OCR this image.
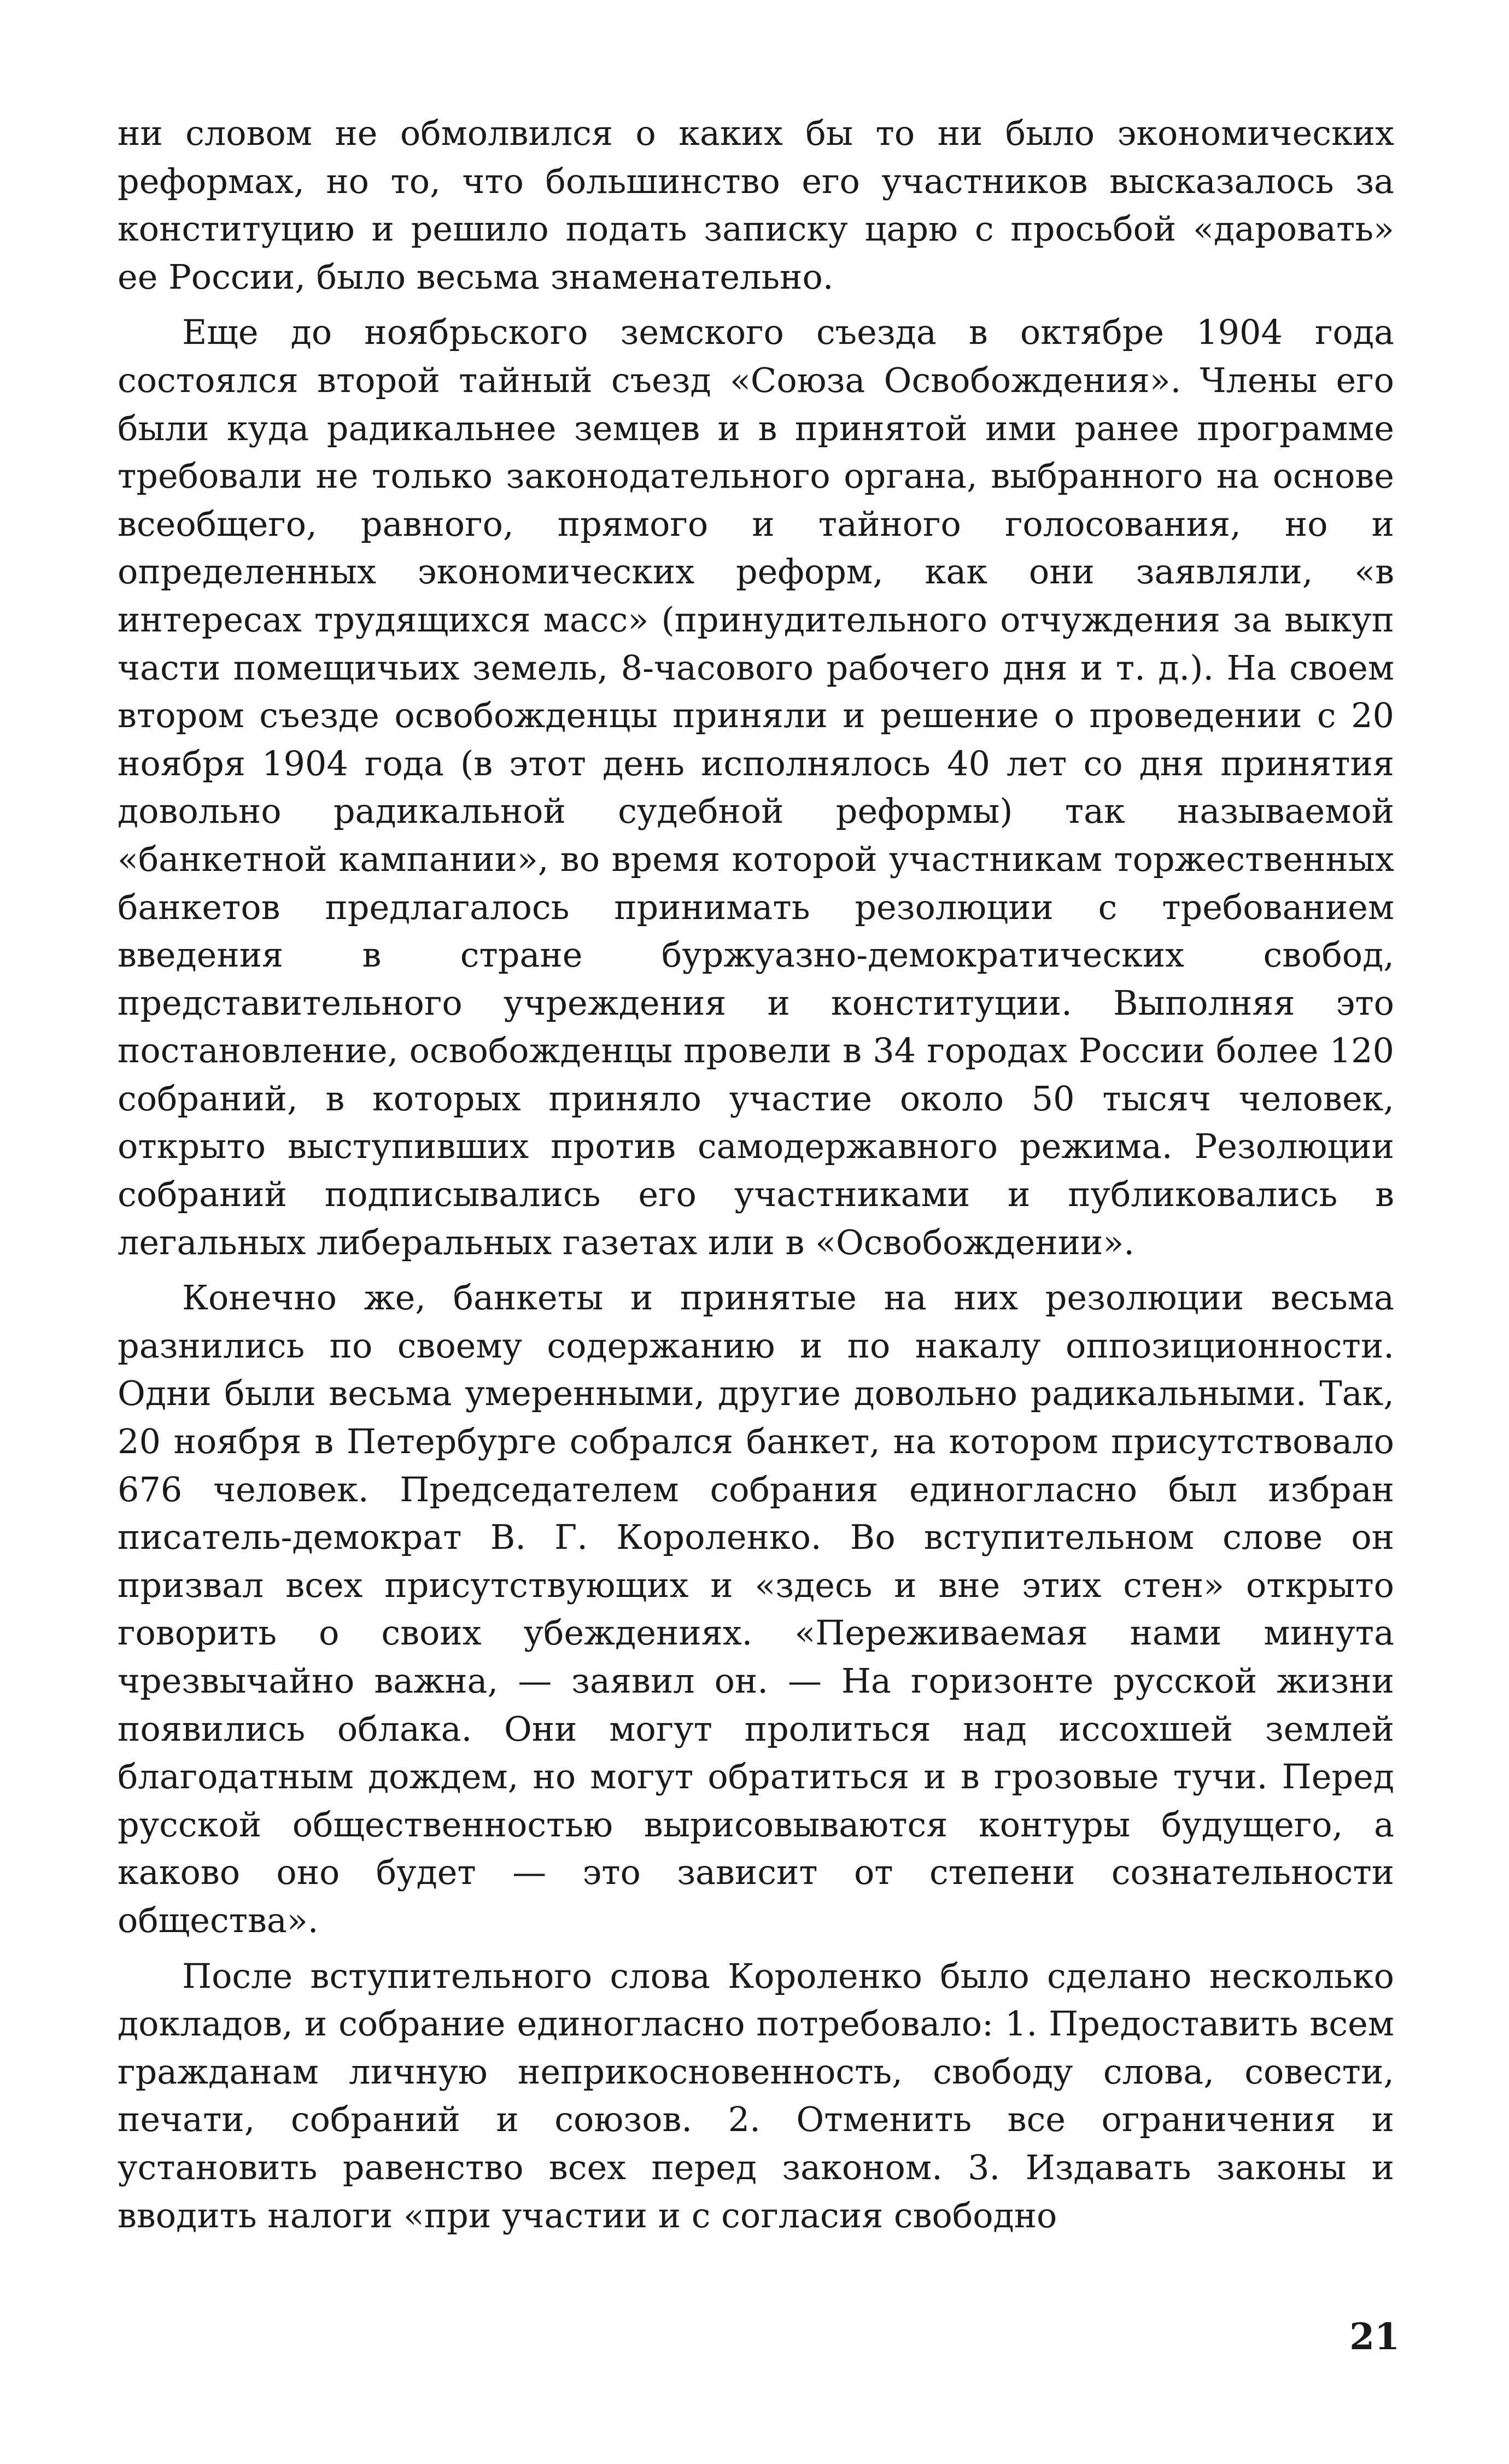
ни словом не обмолвился о каких бы то ни было экономических реформах, но то, что большинство его участников высказалось за конституцию и решило подать записку царю с просьбой «даровать» ее России, было весьма знаменательно.

Еще до ноябрьского земского съезда в октябре 1904 года состоялся второй тайный съезд «Союза Освобождения». Члены его были куда радикальнее земцев и в принятой ими ранее программе требовали не только законодательного органа, выбранного на основе всеобщего, равного, прямого и тайного голосования, но и определенных экономических реформ, как они заявляли, «в интересах трудящихся масс» (принудительного отчуждения за выкуп части помещичьих земель, 8-часового рабочего дня и т. д.). На своем втором съезде освобожденцы приняли и решение о проведении с 20 ноября 1904 года (в этот день исполнялось 40 лет со дня принятия довольно радикальной судебной реформы) так называемой «банкетной кампании», во время которой участникам торжественных банкетов предлагалось принимать резолюции с требованием введения в стране буржуазно-демократических свобод, представительного учреждения и конституции. Выполняя это постановление, освобожденцы провели в 34 городах России более 120 собраний, в которых приняло участие около 50 тысяч человек, открыто выступивших против самодержавного режима. Резолюции собраний подписывались его участниками и публиковались в легальных либеральных газетах или в «Освобождении».

Конечно же, банкеты и принятые на них резолюции весьма разнились по своему содержанию и по накалу оппозиционности. Одни были весьма умеренными, другие довольно радикальными. Так, 20 ноября в Петербурге собрался банкет, на котором присутствовало 676 человек. Председателем собрания единогласно был избран писатель-демократ В. Г. Короленко. Во вступительном слове он призвал всех присутствующих и «здесь и вне этих стен» открыто говорить о своих убеждениях. «Переживаемая нами минута чрезвычайно важна, — заявил он. — На горизонте русской жизни появились облака. Они могут пролиться над иссохшей землей благодатным дождем, но могут обратиться и в грозовые тучи. Перед русской общественностью вырисовываются контуры будущего, а каково оно будет — это зависит от степени сознательности общества».

После вступительного слова Короленко было сделано несколько докладов, и собрание единогласно потребовало: 1. Предоставить всем гражданам личную неприкосновенность, свободу слова, совести, печати, собраний и союзов. 2. Отменить все ограничения и установить равенство всех перед законом. 3. Издавать законы и вводить налоги «при участии и с согласия свободно

21
